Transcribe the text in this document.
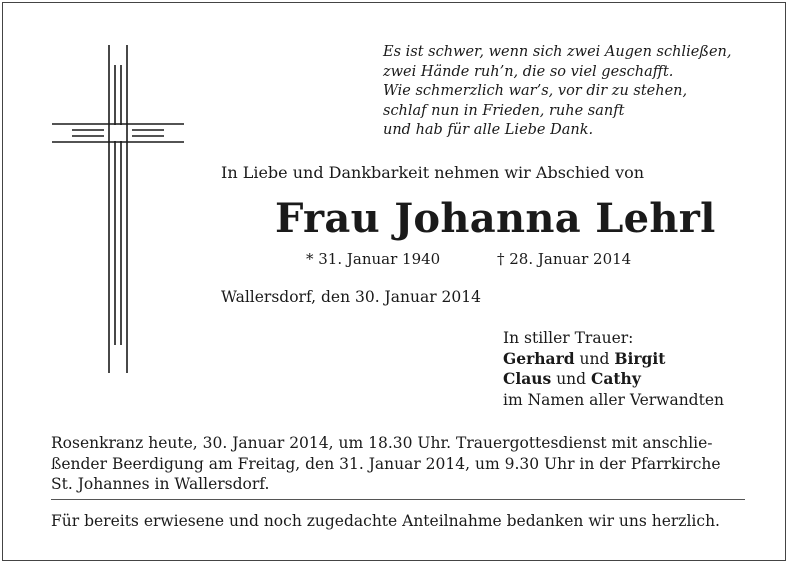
Es ist schwer, wenn sich zwei Augen schließen,
zwei Hände ruh’n, die so viel geschafft.
Wie schmerzlich war’s, vor dir zu stehen,
schlaf nun in Frieden, ruhe sanft
und hab für alle Liebe Dank.
In Liebe und Dankbarkeit nehmen wir Abschied von
Frau Johanna Lehrl
* 31. Januar 1940	† 28. Januar 2014
Wallersdorf, den 30. Januar 2014
In stiller Trauer:
Gerhard und Birgit
Claus und Cathy
im Namen aller Verwandten
Rosenkranz heute, 30. Januar 2014, um 18.30 Uhr. Trauergottesdienst mit anschlie-
ßender Beerdigung am Freitag, den 31. Januar 2014, um 9.30 Uhr in der Pfarrkirche
St. Johannes in Wallersdorf.
Für bereits erwiesene und noch zugedachte Anteilnahme bedanken wir uns herzlich.
